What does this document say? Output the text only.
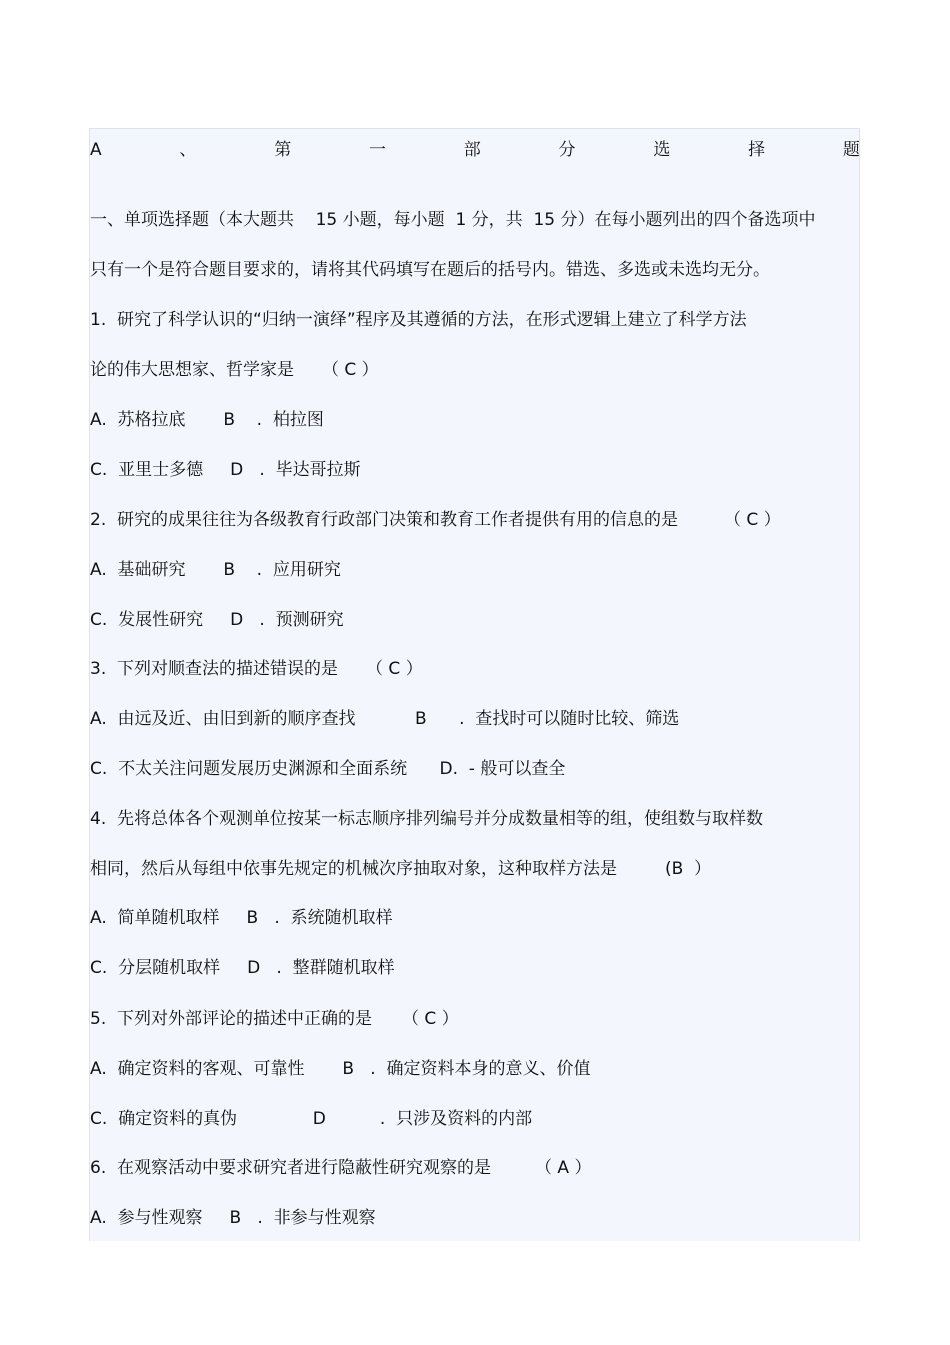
A	、	第	一	部	分	选	择	题

一、单项选择题（本大题共    15 小题，每小题  1 分，共  15 分）在每小题列出的四个备选项中

只有一个是符合题目要求的，请将其代码填写在题后的括号内。错选、多选或未选均无分。

1.  研究了科学认识的“归纳一演绎”程序及其遵循的方法，在形式逻辑上建立了科学方法

论的伟大思想家、哲学家是 （ C ）

A.  苏格拉底       B    .  柏拉图

C.  亚里士多德     D   .  毕达哥拉斯

2.  研究的成果往往为各级教育行政部门决策和教育工作者提供有用的信息的是	（ C ）

A.  基础研究       B    .  应用研究

C.  发展性研究     D   .  预测研究

3.  下列对顺查法的描述错误的是 （ C ）

A.  由远及近、由旧到新的顺序查找           B      .  查找时可以随时比较、筛选

C.  不太关注问题发展历史渊源和全面系统      D.  - 般可以查全

4.  先将总体各个观测单位按某一标志顺序排列编号并分成数量相等的组，使组数与取样数

相同，然后从每组中依事先规定的机械次序抽取对象，这种取样方法是	(B  ）

A.  简单随机取样     B   .  系统随机取样

C.  分层随机取样     D   .  整群随机取样

5.  下列对外部评论的描述中正确的是 （ C ）

A.  确定资料的客观、可靠性       B   .  确定资料本身的意义、价值

C.  确定资料的真伪              D          .  只涉及资料的内部

6.  在观察活动中要求研究者进行隐蔽性研究观察的是	（ A ）

A.  参与性观察     B   .  非参与性观察
